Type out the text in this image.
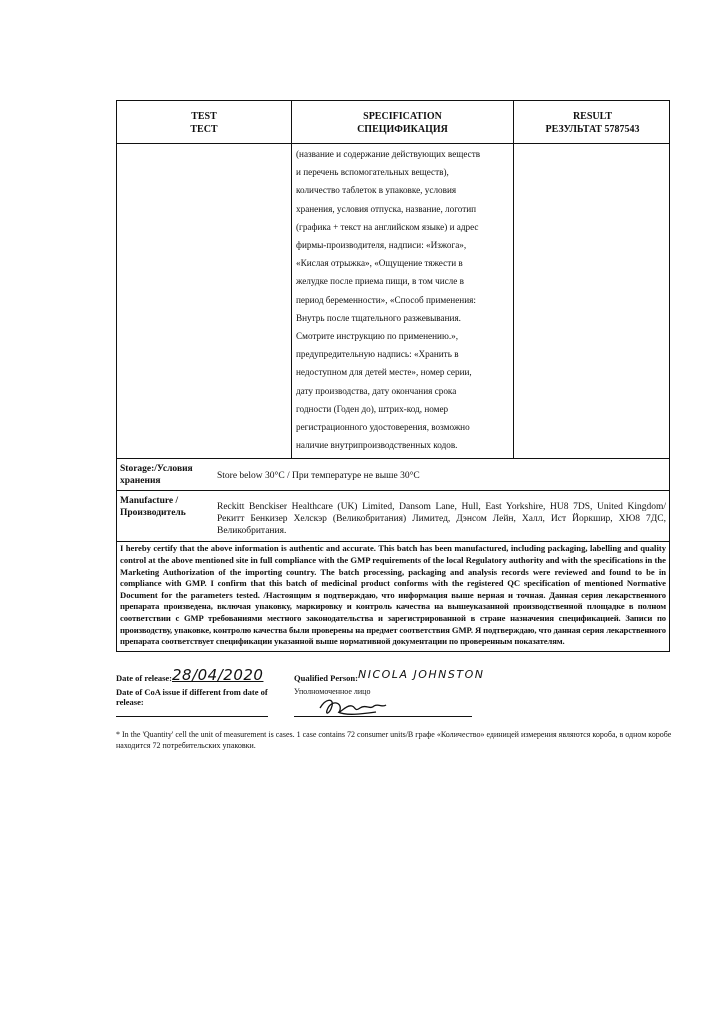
TEST
ТЕСТ
SPECIFICATION
СПЕЦИФИКАЦИЯ
RESULT
РЕЗУЛЬТАТ 5787543

(название и содержание действующих веществ

и перечень вспомогательных веществ),

количество таблеток в упаковке, условия

хранения, условия отпуска, название, логотип

(графика + текст на английском языке) и адрес

фирмы-производителя, надписи: «Изжога»,

«Кислая отрыжка», «Ощущение тяжести в

желудке после приема пищи, в том числе в

период беременности», «Способ применения:

Внутрь после тщательного разжевывания.

Смотрите инструкцию по применению.»,

предупредительную надпись: «Хранить в

недоступном для детей месте», номер серии,

дату производства, дату окончания срока

годности (Годен до), штрих-код, номер

регистрационного удостоверения, возможно

наличие внутрипроизводственных кодов.

Storage:/Условия
хранения	Store below 30°C / При температуре не выше 30°С
Manufacture /
Производитель
Reckitt Benckiser Healthcare (UK) Limited, Dansom Lane, Hull, East Yorkshire, HU8 7DS, United Kingdom/ Рекитт Бенкизер Хелскэр (Великобритания) Лимитед, Дэнсом Лейн, Халл, Ист Йоркшир, ХЮ8 7ДС, Великобритания.
I hereby certify that the above information is authentic and accurate. This batch has been manufactured, including packaging, labelling and quality control at the above mentioned site in full compliance with the GMP requirements of the local Regulatory authority and with the specifications in the Marketing Authorization of the importing country. The batch processing, packaging and analysis records were reviewed and found to be in compliance with GMP. I confirm that this batch of medicinal product conforms with the registered QC specification of mentioned Normative Document for the parameters tested. /Настоящим я подтверждаю, что информация выше верная и точная. Данная серия лекарственного препарата произведена, включая упаковку, маркировку и контроль качества на вышеуказанной производственной площадке в полном соответствии с GMP требованиями местного законодательства и зарегистрированной в стране назначения спецификацией. Записи по производству, упаковке, контролю качества были проверены на предмет соответствия GMP. Я подтверждаю, что данная серия лекарственного препарата соответствует спецификации указанной выше нормативной документации по проверенным показателям.
Date of release: 28/04/2020	Qualified Person: NICOLA JOHNSTON
Date of CoA issue if different from date of release:
Уполномоченное лицо
* In the 'Quantity' cell the unit of measurement is cases. 1 case contains 72 consumer units/В графе «Количество» единицей измерения являются короба, в одном коробе находится 72 потребительских упаковки.
